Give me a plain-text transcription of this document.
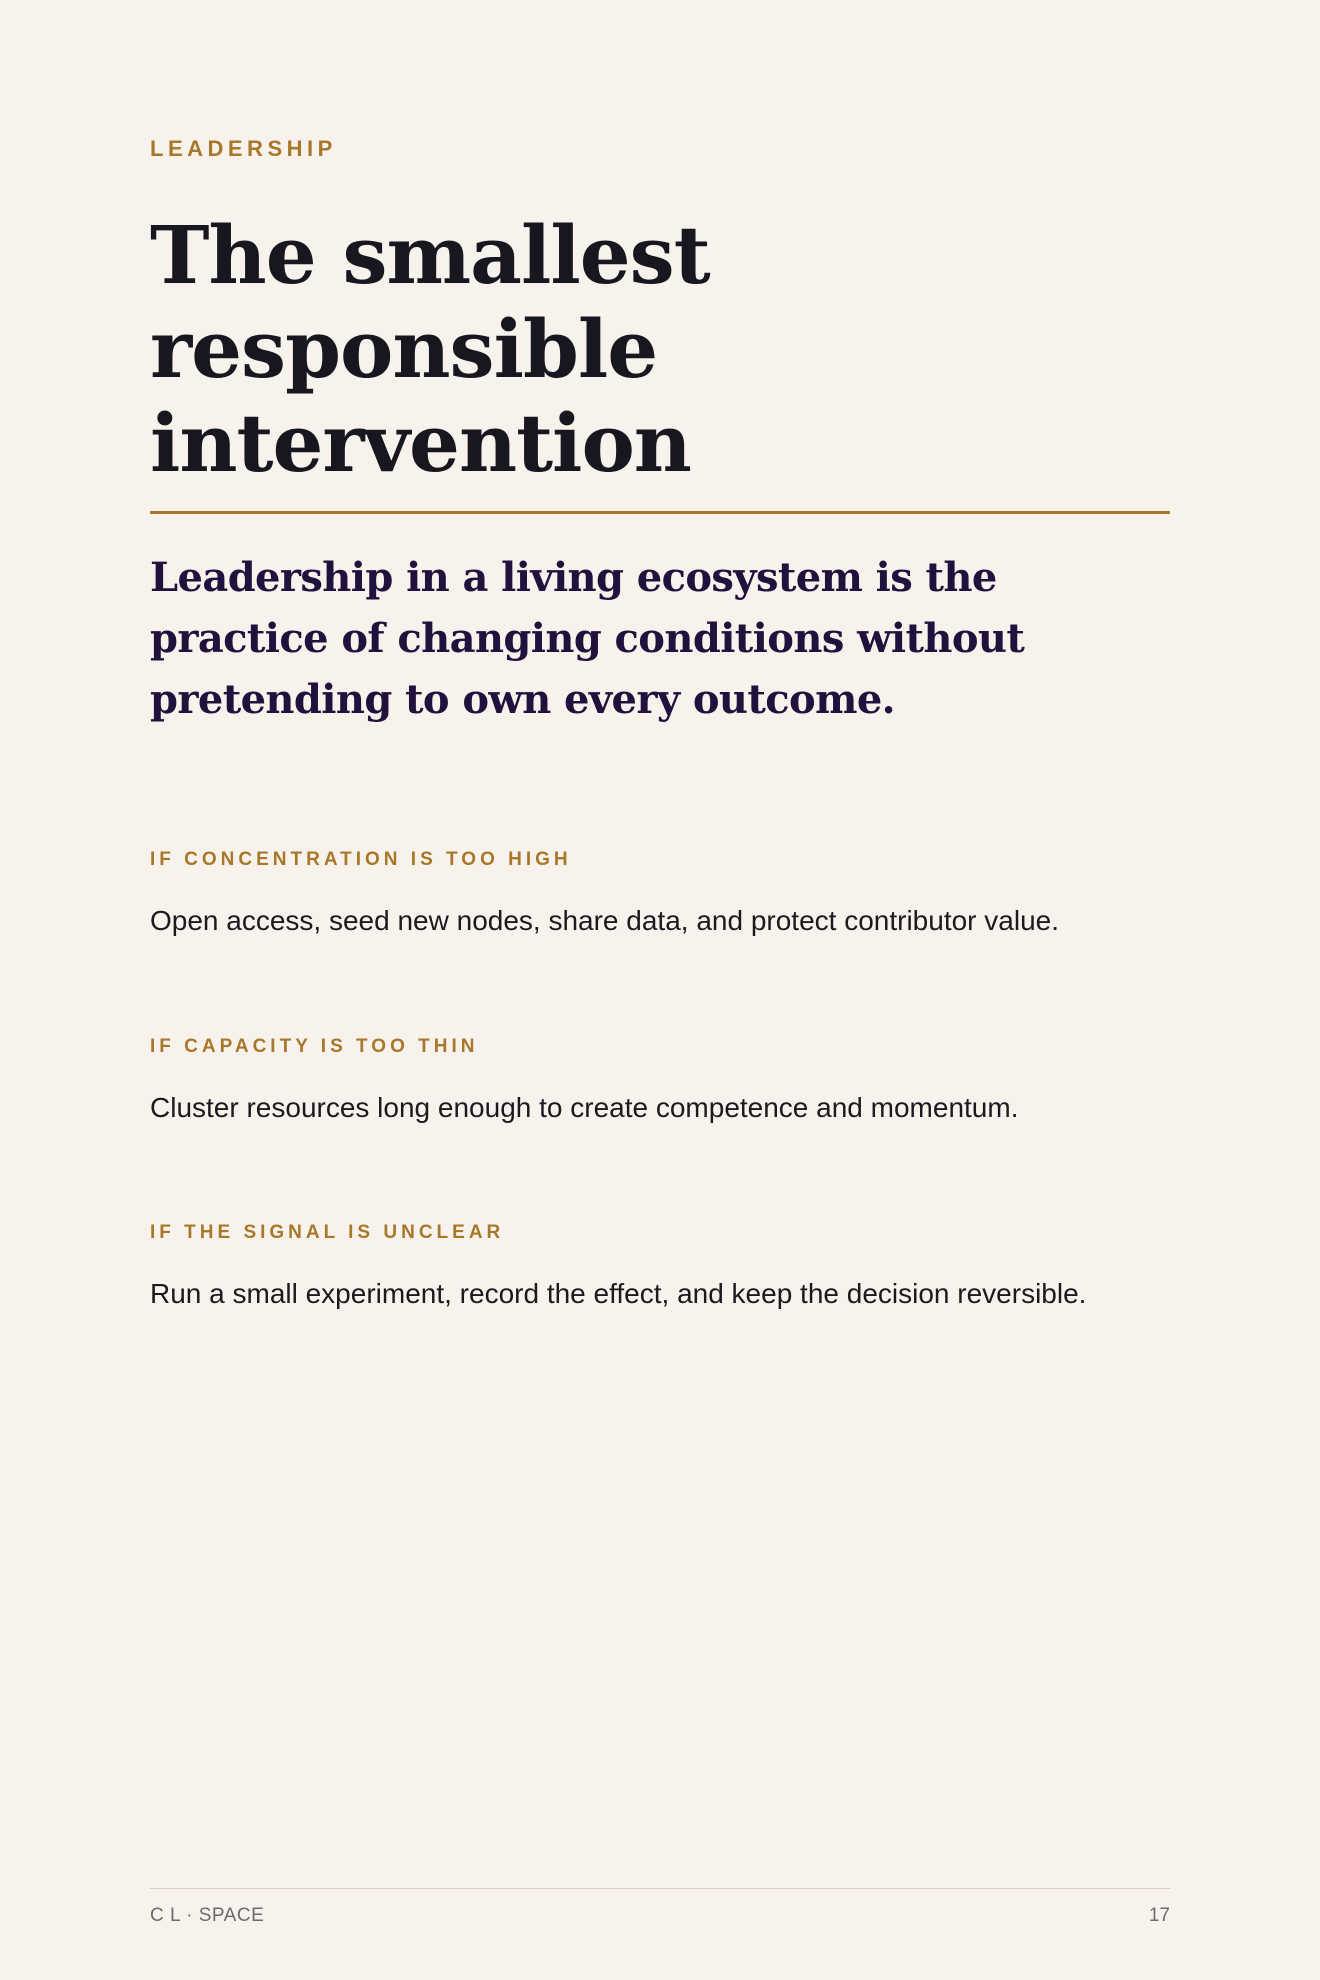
LEADERSHIP

The smallest
responsible intervention

Leadership in a living ecosystem is the practice of changing conditions without pretending to own every outcome.

IF CONCENTRATION IS TOO HIGH

Open access, seed new nodes, share data, and protect contributor value.

IF CAPACITY IS TOO THIN

Cluster resources long enough to create competence and momentum.

IF THE SIGNAL IS UNCLEAR

Run a small experiment, record the effect, and keep the decision reversible.

C L · SPACE	17
